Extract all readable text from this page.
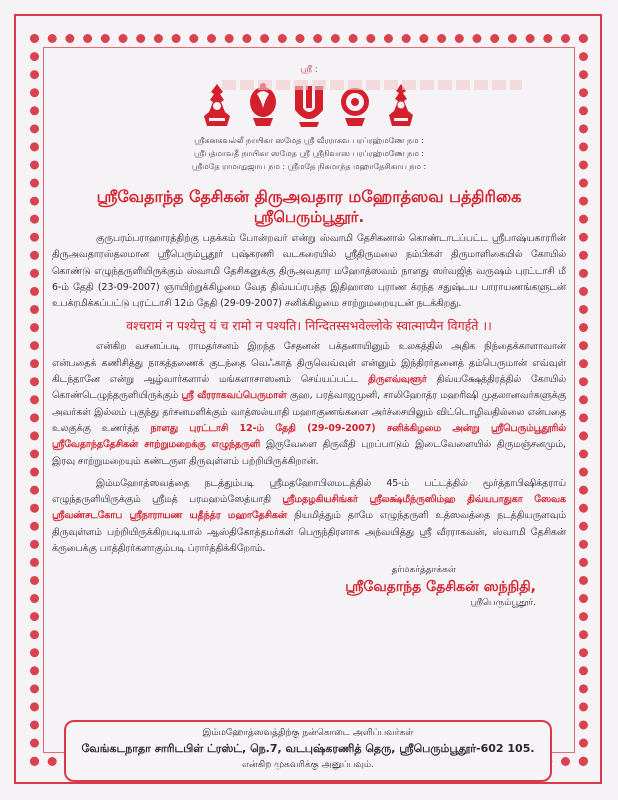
ஸ்ரீ :
ஸ்ரீகனகவல்லீ நாயிகா ஸமேத ஸ்ரீ வீரராகவ பரப்ரஹ்மணே நம :
ஸ்ரீபத்மாவதீ நாயிகா ஸமேத ஸ்ரீ ஸ்ரீநிவாஸ பரப்ரஹ்மணே நம :
ஸ்ரீமதே ராமாநுஜாய நம : ஸ்ரீமதே நிகமாந்த மஹாதேசிகாய நம :
ஸ்ரீவேதாந்த தேசிகன் திருஅவதார மஹோத்ஸவ பத்திரிகை
ஸ்ரீபெரும்பூதூர்.

குருபரம்பராஹாரத்திற்கு பதக்கம் போன்றவர் என்று ஸ்வாமி தேசிகனால் கொண்டாடப்பட்ட ஸ்ரீபாஷ்யகாரரின் திருஅவதாரஸ்தலமான ஸ்ரீபெரும்பூதூர் புஷ்கரணி வடகரையில் ஸ்ரீதிருமலை நம்பிகள் திருமாளிகையில் கோயில் கொண்டு எழுந்தருளியிருக்கும் ஸ்வாமி தேசிகனுக்கு திருஅவதார மஹோத்ஸவம் நாளது ஸர்வஜித் வருஷம் புரட்டாசி மீ 6-ம் தேதி (23-09-2007) ஞாயிற்றுக்கிழமை வேத திவ்யப்ரபந்த இதிஹாஸ புராண க்ரந்த சதுஷ்டய பாராயணங்களுடன் உபக்ரமிக்கப்பட்டு புரட்டாசி 12ம் தேதி (29-09-2007) சனிக்கிழமை சாற்றுமறையுடன் நடக்கிறது.

वश्चरामं न पश्येत्तु यं च रामो न पश्यति। निन्दितस्सभवेल्लोके स्वात्माप्यैन विगर्हते ।।

என்கிற வசனப்படி ராமதர்சனம் இறந்த சேதனன் பக்தனாயினும் உலகத்தில் அதிக நிந்தைக்காளாவான் என்பதைக் கணிசித்து நாகத்தணைக் குடந்தை வெஃகாத் திருவெவ்வுள் என்னும் இந்திரர்தனைத் தம்பெருமான் எவ்வுள் கிடந்தானே என்று ஆழ்வார்களால் மங்களாசாஸனம் செய்யப்பட்ட திருஎவ்வுளூர் திவ்யக்ஷேத்திரத்தில் கோயில் கொண்டெழுந்தருளியிருக்கும் ஸ்ரீ வீரராகவப்பெருமாள் குஹ, பரத்வாஜமுனி, சாலிஹோத்ர மஹரிஷி முதலானவர்களுக்கு அவர்கள் இல்லம் புகுந்து தர்சனமளிக்கும் வாத்ஸல்யாதி மஹாகுணங்களை அர்ச்சையிலும் விட்டொழிவதில்லை என்பதை உலகுக்கு உணர்த்த நாளது புரட்டாசி 12-ம் தேதி (29-09-2007) சனிக்கிழமை அன்று ஸ்ரீபெரும்பூதூரில் ஸ்ரீவேதாந்ததேசிகன் சாற்றுமறைக்கு எழுந்தருளி இருவேளை திருவீதி புறப்பாடும் இடைவேளையில் திருமஞ்சனமும், இரவு சாற்றுமறையும் கண்டருள திருவுள்ளம் பற்றியிருக்கிறான்.

இம்மஹோத்ஸவத்தை நடத்தும்படி ஸ்ரீமதஹோபிலமடத்தில் 45-ம் பட்டத்தில் மூர்த்தாபிஷிக்தராய் எழுந்தருளியிருக்கும் ஸ்ரீமத் பரமஹம்ஸேத்யாதி ஸ்ரீமதழகியசிங்கர் ஸ்ரீலக்ஷ்மீந்ருஸிம்ஹ திவ்யபாதுகா ஸேவக ஸ்ரீவண்சடகோப ஸ்ரீநாராயண யதீந்த்ர மஹாதேசிகன் நியமித்தும் தாமே எழுந்தருளி உத்ஸவத்தை நடத்தியருளவும் திருவுள்ளம் பற்றியிருக்கிறபடியால் ஆஸ்திகோத்தமர்கள் பெருந்திரளாக அந்வயித்து ஸ்ரீ வீரராகவன், ஸ்வாமி தேசிகன் க்ருபைக்கு பாத்திரர்களாகும்படி ப்ரார்த்திக்கிறோம்.

தர்மகர்த்தாக்கள்
ஸ்ரீவேதாந்த தேசிகன் ஸந்நிதி,
ஸ்ரீபெரும்பூதூர்.
இம்மஹோத்ஸவத்திற்கு நன்கொடை அளிப்பவர்கள்
வேங்கடநாதா சாரிடபிள் ட்ரஸ்ட், நெ.7, வடபுஷ்கரணித் தெரு, ஸ்ரீபெரும்பூதூர்-602 105.
என்கிற முகவரிக்கு அனுப்பவும்.
